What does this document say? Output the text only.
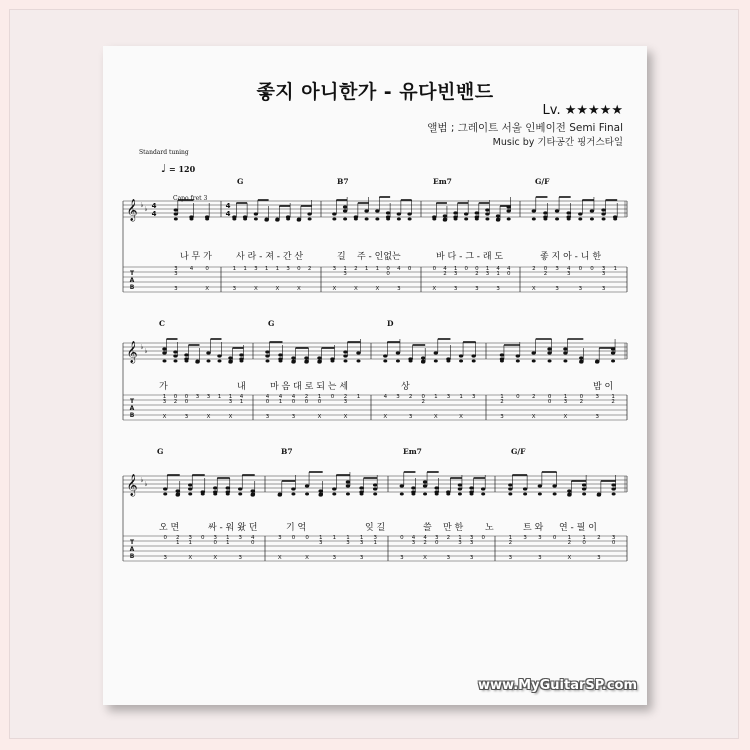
좋지 아니한가 - 유다빈밴드
Lv. ★★★★★
앨범 ; 그레이트 서울 인베이전 Semi Final
Music by 기타공간 핑거스타일
Standard tuning
♩ = 120
Capo fret 3
G	B7	Em7	G/F
C	G	D
G	B7	Em7	G/F
나 무 가	사 라 - 져 - 간 산	길 주 - 인없는	바 다 - 그 - 래 도	좋 지 아 - 니 한
가	내	마 음 대 로 되 는 세	상	밤 이
오 면	싸 - 워 왔 던	기 억	잊 길	쓸 만 한 노	트 와 연 - 필 이
𝄞 ♭ ♭
T
A
B
4
4
4
4
3
3
3
4 0
X
1
3
1 3
X
1 1
X
3 0
X
2	3
X
1
3
2
X
1 1
X
0
0
4
3
0	0
X
4
2
1
3
3
0 0
2
3
1
3
4
1
3
4
0
2
X
0
2
3
3
4
3
0
3
0 3
3
3
1
𝄞 ♭ ♭
T
A
B
1
3
X
0
2
0
0
3
3 3
X
1 1
3
X
4
1
4
0
3
4
1
4
0
3
2
0
1
0
X
0 2
3
X
1	4
X
3 2
3
0
2
1
X
3 1
X
3	1
2
3
0 2
X
0
0
1
3
X
0
2
3
3
1
2
𝄞 ♭ ♭
T
A
B
0
3
2
1
3
1
X
0 3
0
X
1
1
3
3
4
0
3
X
0 0
X
1
3
1
3
1
3
1
3
3
3
1
0
3
4
3
4
2
X
3
0
2
3
1
3
3
3
3
0	1
2
3
3 3
3
0 1
2
X
1
0
2
3
3
0
www.MyGuitarSP.com
